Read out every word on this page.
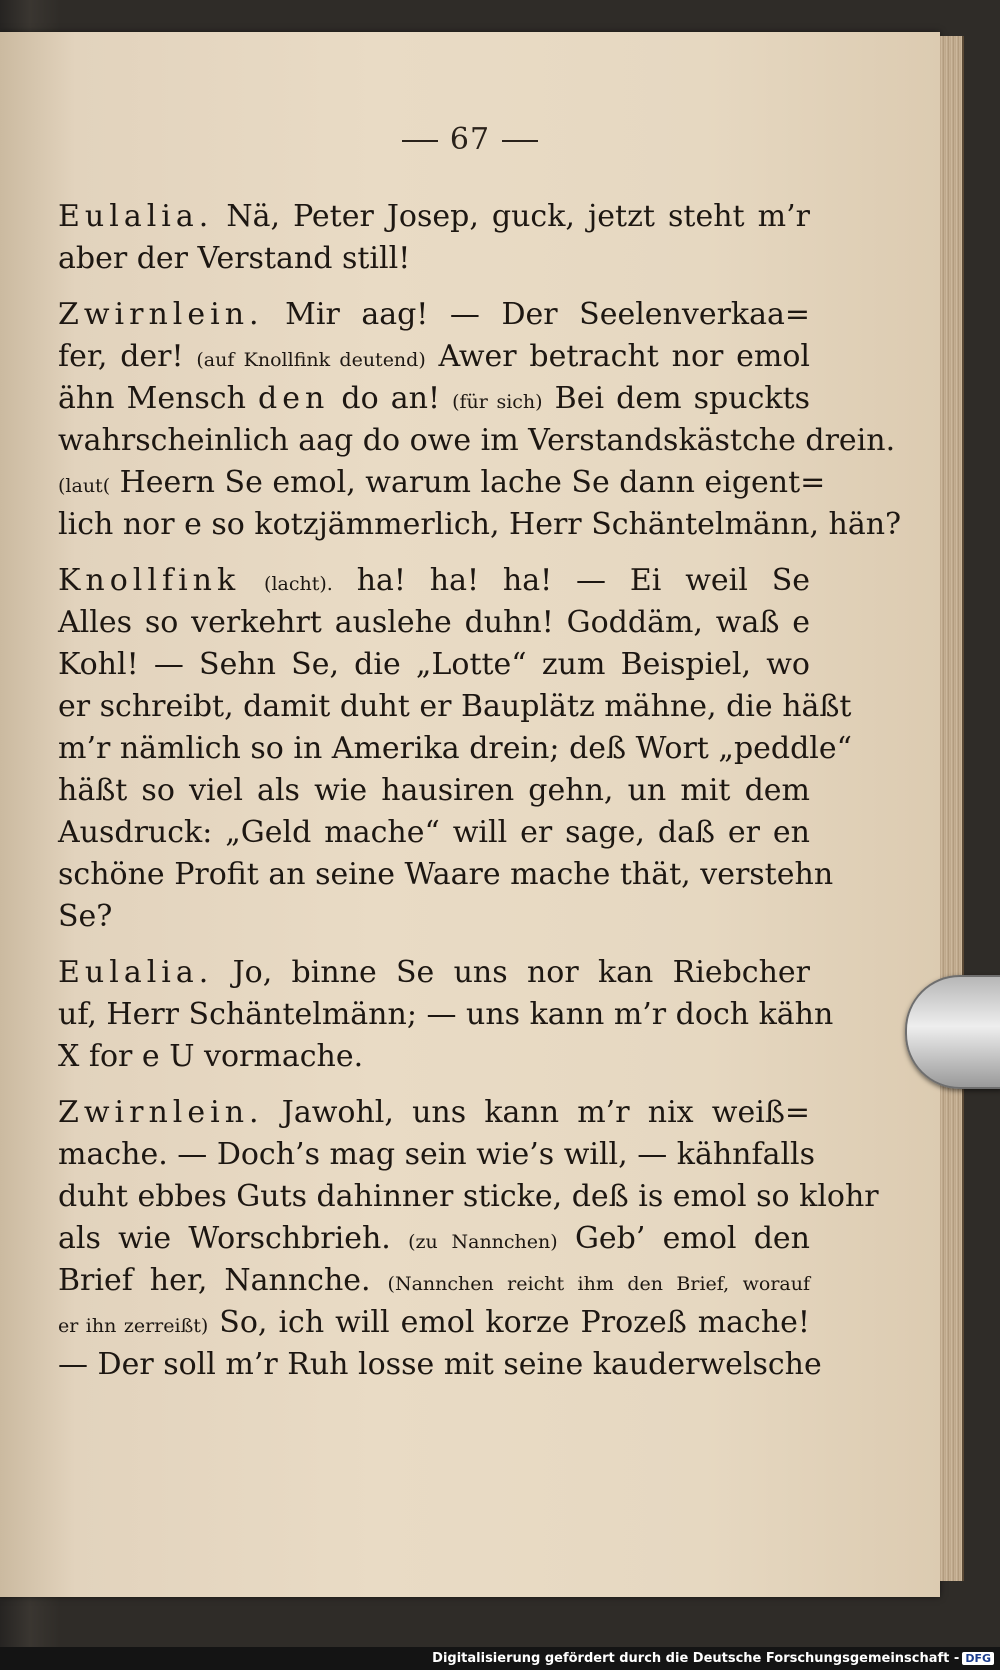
67
Eulalia. Nä, Peter Josep, guck, jetzt steht m’r
aber der Verstand still!
Zwirnlein. Mir aag! — Der Seelenverkaa=
fer, der! (auf Knollfink deutend) Awer betracht nor emol
ähn Mensch den do an! (für sich) Bei dem spuckts
wahrscheinlich aag do owe im Verstandskästche drein.
(laut( Heern Se emol, warum lache Se dann eigent=
lich nor e so kotzjämmerlich, Herr Schäntelmänn, hän?
Knollfink (lacht). ha! ha! ha! — Ei weil Se
Alles so verkehrt auslehe duhn! Goddäm, waß e
Kohl! — Sehn Se, die „Lotte“ zum Beispiel, wo
er schreibt, damit duht er Bauplätz mähne, die häßt
m’r nämlich so in Amerika drein; deß Wort „peddle“
häßt so viel als wie hausiren gehn, un mit dem
Ausdruck: „Geld mache“ will er sage, daß er en
schöne Profit an seine Waare mache thät, verstehn
Se?
Eulalia. Jo, binne Se uns nor kan Riebcher
uf, Herr Schäntelmänn; — uns kann m’r doch kähn
X for e U vormache.
Zwirnlein. Jawohl, uns kann m’r nix weiß=
mache. — Doch’s mag sein wie’s will, — kähnfalls
duht ebbes Guts dahinner sticke, deß is emol so klohr
als wie Worschbrieh. (zu Nannchen) Geb’ emol den
Brief her, Nannche. (Nannchen reicht ihm den Brief, worauf
er ihn zerreißt) So, ich will emol korze Prozeß mache!
— Der soll m’r Ruh losse mit seine kauderwelsche
Digitalisierung gefördert durch die Deutsche Forschungsgemeinschaft - DFG
